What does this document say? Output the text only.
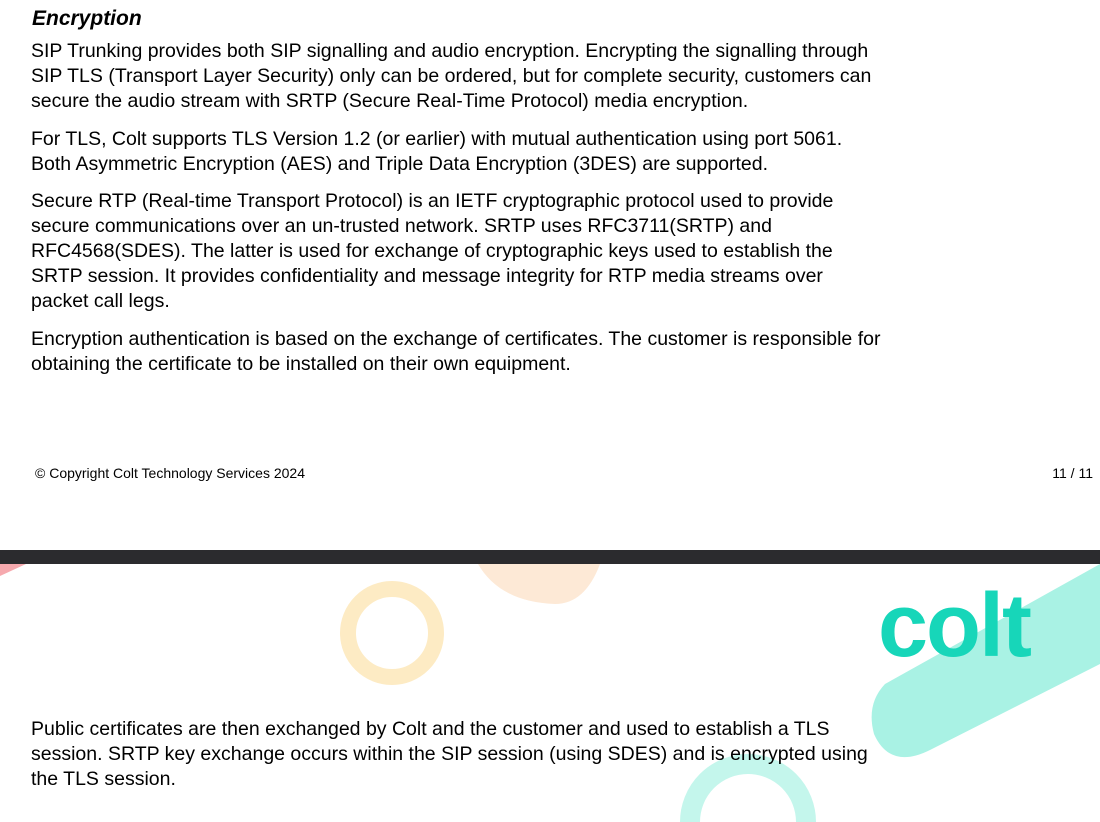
Encryption

SIP Trunking provides both SIP signalling and audio encryption. Encrypting the signalling through
SIP TLS (Transport Layer Security) only can be ordered, but for complete security, customers can
secure the audio stream with SRTP (Secure Real-Time Protocol) media encryption.

For TLS, Colt supports TLS Version 1.2 (or earlier) with mutual authentication using port 5061.
Both Asymmetric Encryption (AES) and Triple Data Encryption (3DES) are supported.

Secure RTP (Real-time Transport Protocol) is an IETF cryptographic protocol used to provide
secure communications over an un-trusted network. SRTP uses RFC3711(SRTP) and
RFC4568(SDES). The latter is used for exchange of cryptographic keys used to establish the
SRTP session. It provides confidentiality and message integrity for RTP media streams over
packet call legs.

Encryption authentication is based on the exchange of certificates. The customer is responsible for
obtaining the certificate to be installed on their own equipment.

© Copyright Colt Technology Services 2024	11 / 11
colt

Public certificates are then exchanged by Colt and the customer and used to establish a TLS
session. SRTP key exchange occurs within the SIP session (using SDES) and is encrypted using
the TLS session.
